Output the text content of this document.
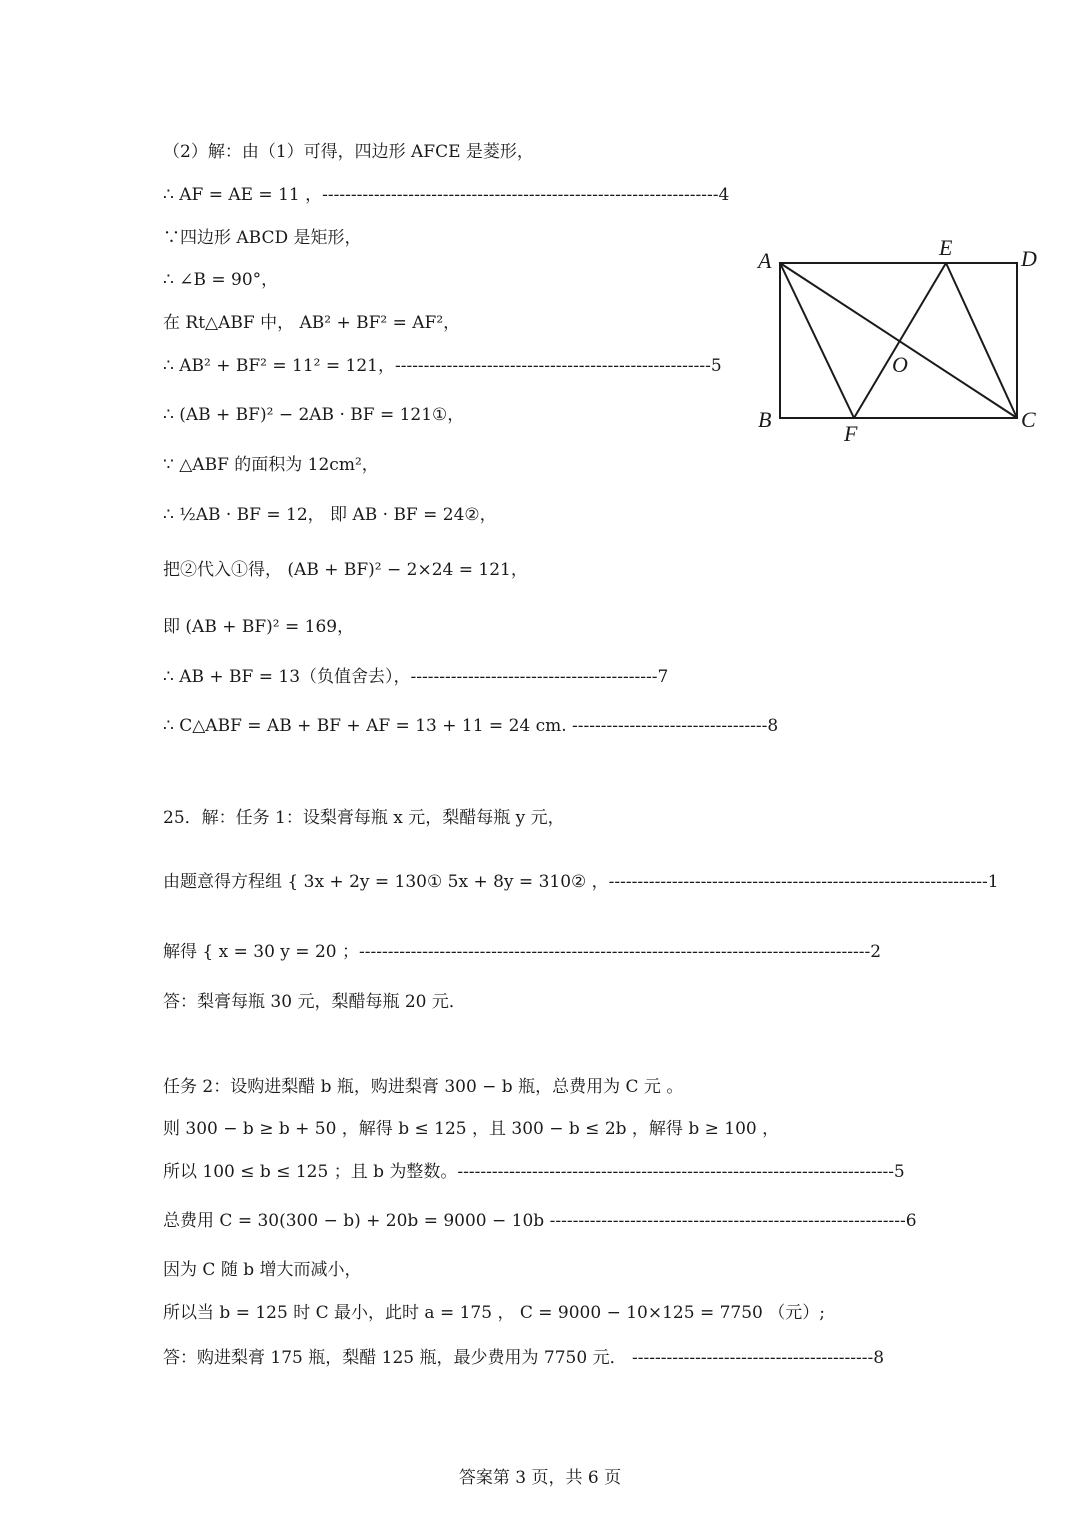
（2）解：由（1）可得，四边形 AFCE 是菱形，
∴ AF = AE = 11 ，---------------------------------------------------------------------4
∵四边形 ABCD 是矩形，
∴ ∠B = 90°，
在 Rt△ABF 中， AB² + BF² = AF²，
∴ AB² + BF² = 11² = 121，-------------------------------------------------------5
∴ (AB + BF)² − 2AB · BF = 121①，
∵ △ABF 的面积为 12cm²，
∴ ½AB · BF = 12， 即 AB · BF = 24②，
把②代入①得， (AB + BF)² − 2×24 = 121，
即 (AB + BF)² = 169，
∴ AB + BF = 13（负值舍去），-------------------------------------------7
∴ C△ABF = AB + BF + AF = 13 + 11 = 24 cm. ----------------------------------8
A
B	C
D
E
F
O
25．解：任务 1：设梨膏每瓶 x 元，梨醋每瓶 y 元，
由题意得方程组 { 3x + 2y = 130① 5x + 8y = 310② ，------------------------------------------------------------------1
解得 { x = 30 y = 20 ；-----------------------------------------------------------------------------------------2
答：梨膏每瓶 30 元，梨醋每瓶 20 元．
任务 2：设购进梨醋 b 瓶，购进梨膏 300 − b 瓶，总费用为 C 元 。
则 300 − b ≥ b + 50 ，解得 b ≤ 125 ，且 300 − b ≤ 2b ，解得 b ≥ 100 ，
所以 100 ≤ b ≤ 125 ；且 b 为整数。----------------------------------------------------------------------------5
总费用 C = 30(300 − b) + 20b = 9000 − 10b --------------------------------------------------------------6
因为 C 随 b 增大而减小，
所以当 b = 125 时 C 最小，此时 a = 175 ， C = 9000 − 10×125 = 7750 （元）;
答：购进梨膏 175 瓶，梨醋 125 瓶，最少费用为 7750 元． ------------------------------------------8
答案第 3 页，共 6 页
